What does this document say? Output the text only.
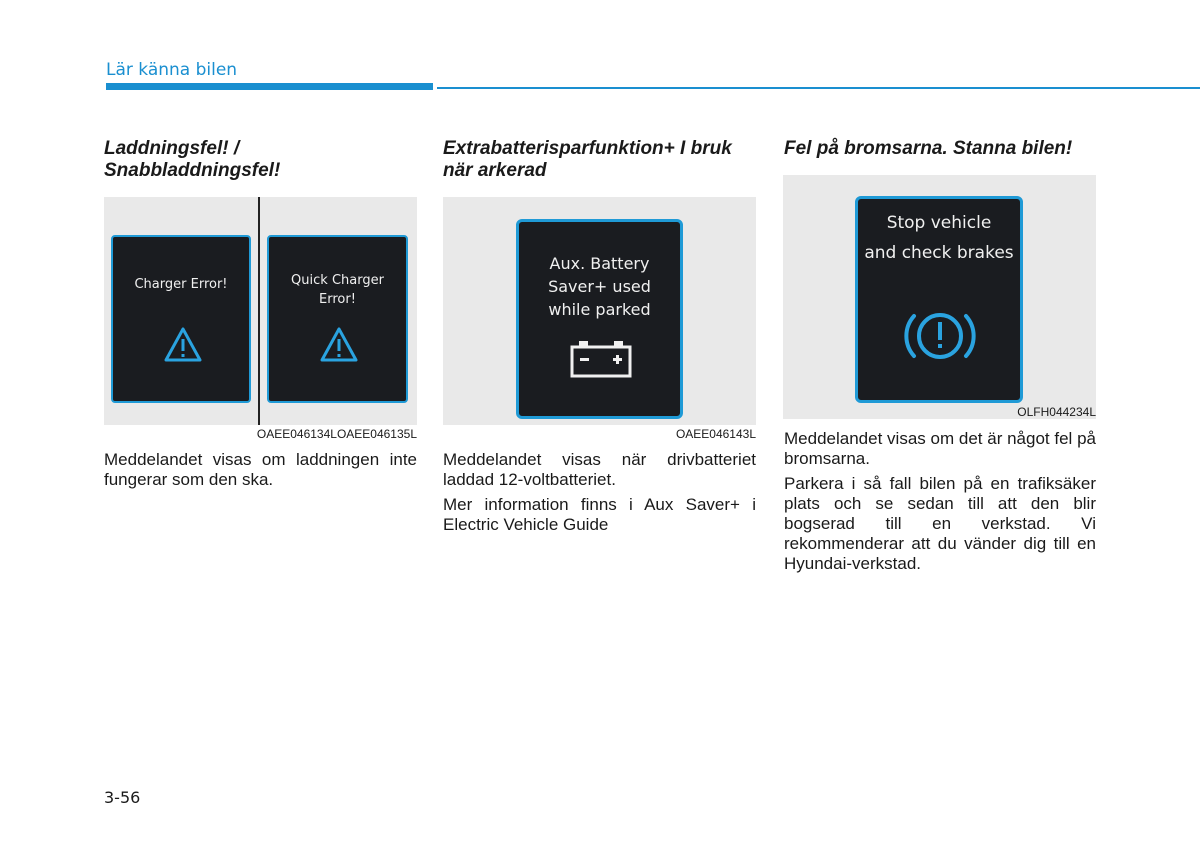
Lär känna bilen
Laddningsfel! / Snabbladdningsfel!
Charger Error!	Quick Charger Error!
OAEE046134LOAEE046135L

Meddelandet visas om laddningen inte fungerar som den ska.

Extrabatterisparfunktion+ I bruk när arkerad
Aux. Battery Saver+ used while parked
OAEE046143L

Meddelandet visas när drivbatteriet laddad 12-voltbatteriet.

Mer information finns i Aux Saver+ i Electric Vehicle Guide

Fel på bromsarna. Stanna bilen!
Stop vehicle
and check brakes
OLFH044234L

Meddelandet visas om det är något fel på bromsarna.

Parkera i så fall bilen på en trafiksäker plats och se sedan till att den blir bogserad till en verkstad. Vi rekommenderar att du vänder dig till en Hyundai-verkstad.

3-56
